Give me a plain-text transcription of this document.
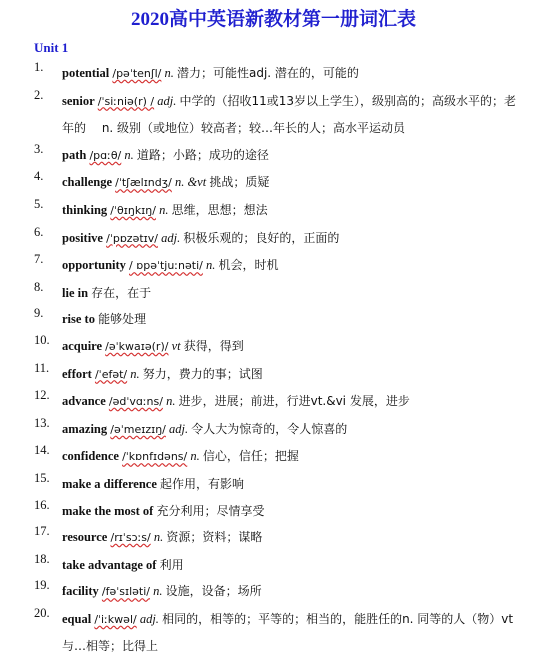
2020高中英语新教材第一册词汇表
Unit 1
1. potential /pəˈtenʃl/ n. 潜力；可能性adj. 潜在的，可能的
2. senior /ˈsiːniə(r) / adj. 中学的（招收11或13岁以上学生），级别高的；高级水平的；老年的　 n. 级别（或地位）较高者；较…年长的人；高水平运动员
3. path /pɑːθ/ n. 道路；小路；成功的途径
4. challenge /ˈtʃælɪndʒ/ n. &vt 挑战；质疑
5. thinking /ˈθɪŋkɪŋ/ n. 思维，思想；想法
6. positive /ˈpɒzətɪv/ adj. 积极乐观的；良好的，正面的
7. opportunity / ɒpəˈtjuːnəti/ n. 机会，时机
8. lie in 存在，在于
9. rise to 能够处理
10. acquire /əˈkwaɪə(r)/ vt 获得，得到
11. effort /ˈefət/ n. 努力，费力的事；试图
12. advance /ədˈvɑːns/ n. 进步，进展；前进，行进vt.&vi 发展，进步
13. amazing /əˈmeɪzɪŋ/ adj. 令人大为惊奇的，令人惊喜的
14. confidence /ˈkɒnfɪdəns/ n. 信心，信任；把握
15. make a difference 起作用，有影响
16. make the most of 充分利用；尽情享受
17. resource /rɪˈsɔːs/ n. 资源；资料；谋略
18. take advantage of 利用
19. facility /fəˈsɪləti/ n. 设施，设备；场所
20. equal /ˈiːkwəl/ adj. 相同的，相等的；平等的；相当的，能胜任的n. 同等的人（物）vt 与…相等；比得上
